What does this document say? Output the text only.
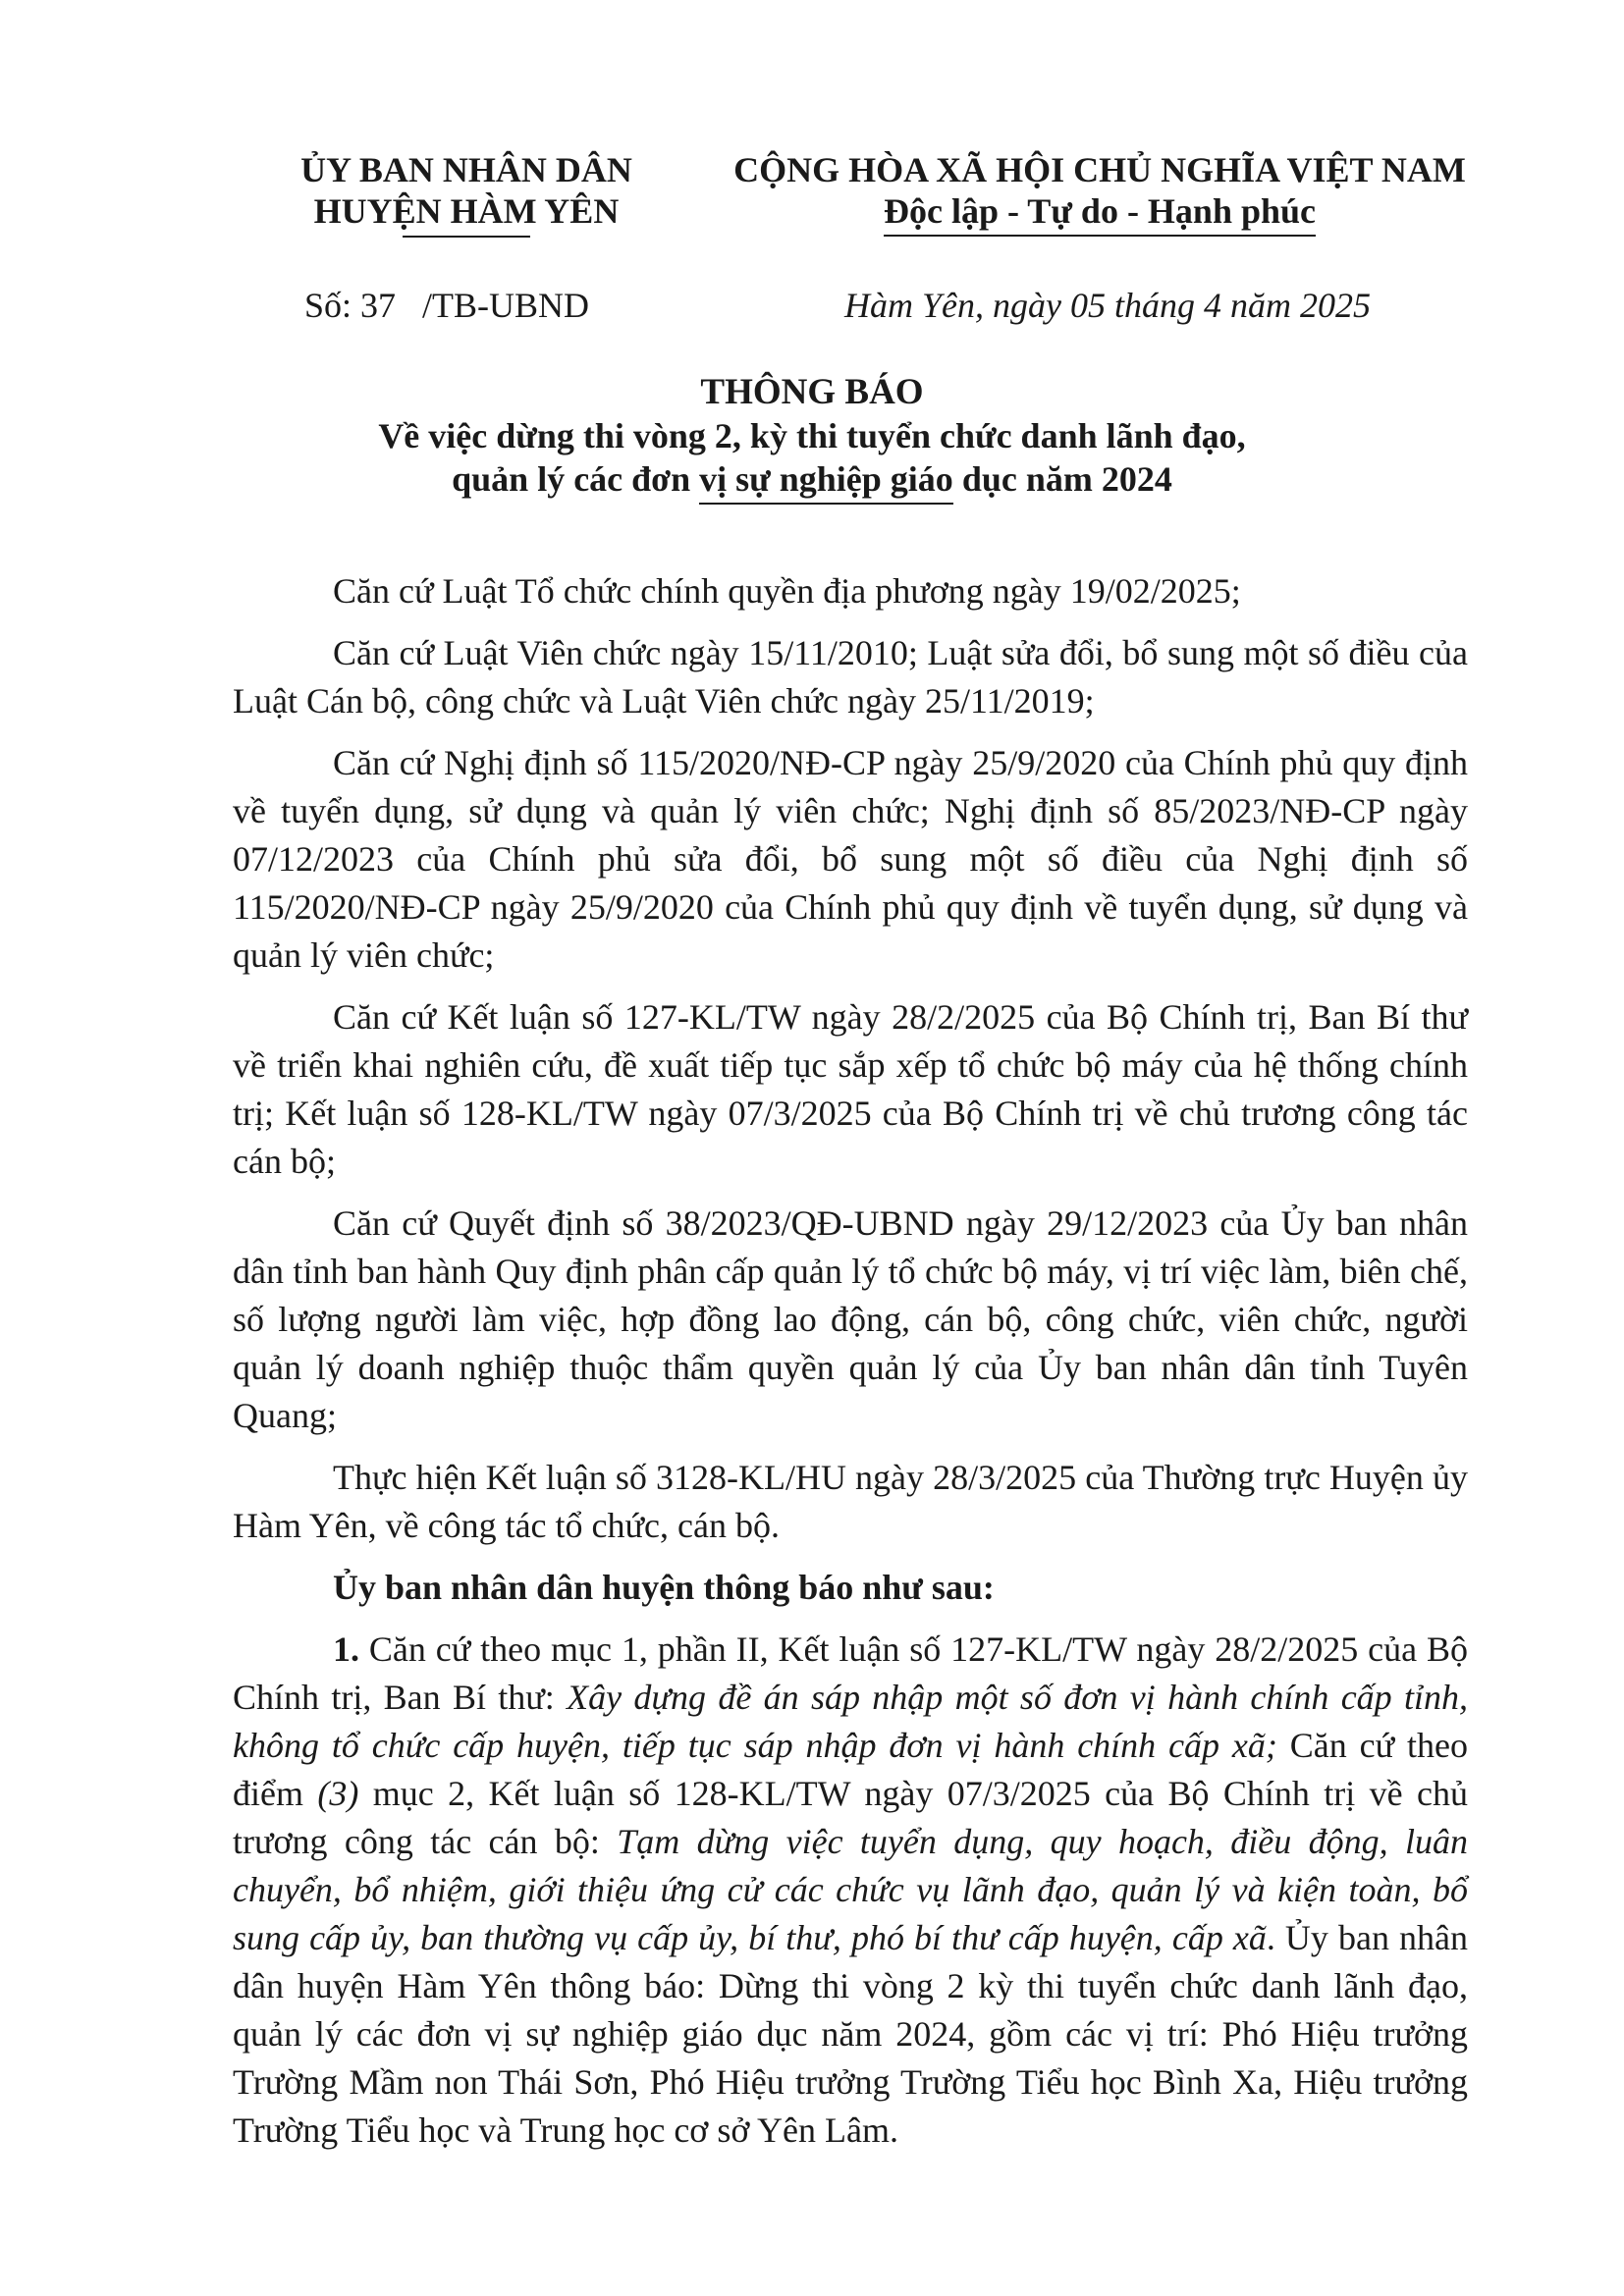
ỦY BAN NHÂN DÂN
HUYỆN HÀM YÊN
CỘNG HÒA XÃ HỘI CHỦ NGHĨA VIỆT NAM
Độc lập - Tự do - Hạnh phúc
Số: 37   /TB-UBND	Hàm Yên, ngày 05 tháng 4 năm 2025
THÔNG BÁO
Về việc dừng thi vòng 2, kỳ thi tuyển chức danh lãnh đạo,
quản lý các đơn vị sự nghiệp giáo dục năm 2024

Căn cứ Luật Tổ chức chính quyền địa phương ngày 19/02/2025;

Căn cứ Luật Viên chức ngày 15/11/2010; Luật sửa đổi, bổ sung một số điều của Luật Cán bộ, công chức và Luật Viên chức ngày 25/11/2019;

Căn cứ Nghị định số 115/2020/NĐ-CP ngày 25/9/2020 của Chính phủ quy định về tuyển dụng, sử dụng và quản lý viên chức; Nghị định số 85/2023/NĐ-CP ngày 07/12/2023 của Chính phủ sửa đổi, bổ sung một số điều của Nghị định số 115/2020/NĐ-CP ngày 25/9/2020 của Chính phủ quy định về tuyển dụng, sử dụng và quản lý viên chức;

Căn cứ Kết luận số 127-KL/TW ngày 28/2/2025 của Bộ Chính trị, Ban Bí thư về triển khai nghiên cứu, đề xuất tiếp tục sắp xếp tổ chức bộ máy của hệ thống chính trị; Kết luận số 128-KL/TW ngày 07/3/2025 của Bộ Chính trị về chủ trương công tác cán bộ;

Căn cứ Quyết định số 38/2023/QĐ-UBND ngày 29/12/2023 của Ủy ban nhân dân tỉnh ban hành Quy định phân cấp quản lý tổ chức bộ máy, vị trí việc làm, biên chế, số lượng người làm việc, hợp đồng lao động, cán bộ, công chức, viên chức, người quản lý doanh nghiệp thuộc thẩm quyền quản lý của Ủy ban nhân dân tỉnh Tuyên Quang;

Thực hiện Kết luận số 3128-KL/HU ngày 28/3/2025 của Thường trực Huyện ủy Hàm Yên, về công tác tổ chức, cán bộ.

Ủy ban nhân dân huyện thông báo như sau:

1. Căn cứ theo mục 1, phần II, Kết luận số 127-KL/TW ngày 28/2/2025 của Bộ Chính trị, Ban Bí thư: Xây dựng đề án sáp nhập một số đơn vị hành chính cấp tỉnh, không tổ chức cấp huyện, tiếp tục sáp nhập đơn vị hành chính cấp xã; Căn cứ theo điểm (3) mục 2, Kết luận số 128-KL/TW ngày 07/3/2025 của Bộ Chính trị về chủ trương công tác cán bộ: Tạm dừng việc tuyển dụng, quy hoạch, điều động, luân chuyển, bổ nhiệm, giới thiệu ứng cử các chức vụ lãnh đạo, quản lý và kiện toàn, bổ sung cấp ủy, ban thường vụ cấp ủy, bí thư, phó bí thư cấp huyện, cấp xã. Ủy ban nhân dân huyện Hàm Yên thông báo: Dừng thi vòng 2 kỳ thi tuyển chức danh lãnh đạo, quản lý các đơn vị sự nghiệp giáo dục năm 2024, gồm các vị trí: Phó Hiệu trưởng Trường Mầm non Thái Sơn, Phó Hiệu trưởng Trường Tiểu học Bình Xa, Hiệu trưởng Trường Tiểu học và Trung học cơ sở Yên Lâm.
